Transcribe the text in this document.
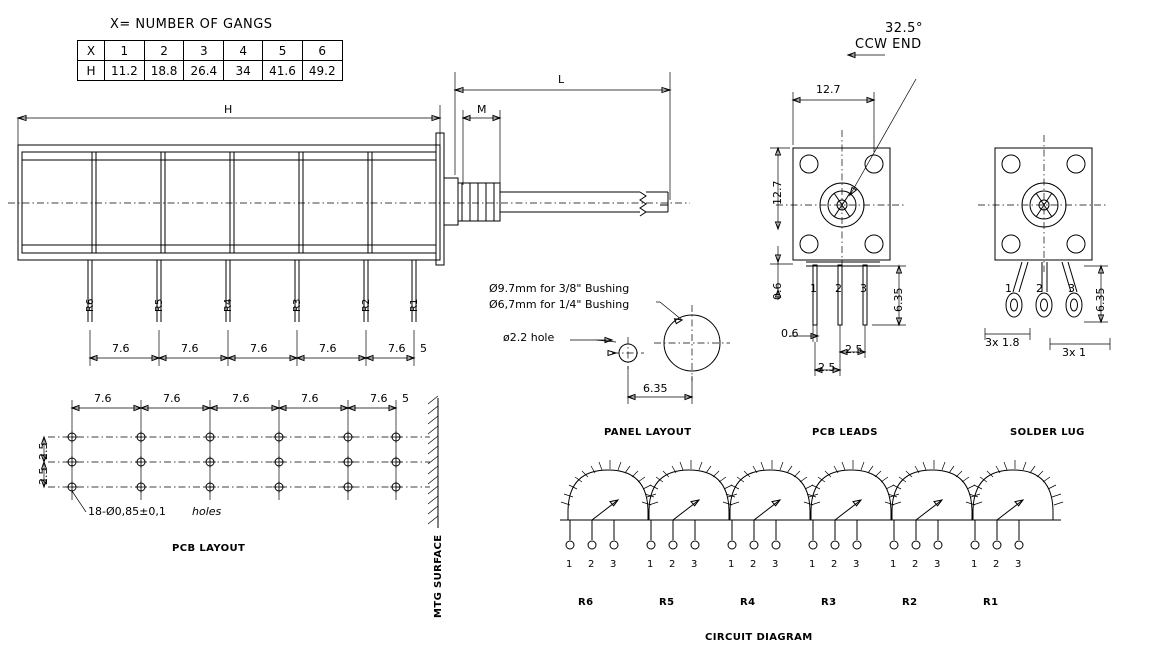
X= NUMBER OF GANGS
X	1	2	3	4	5	6
H	11.2	18.8	26.4	34	41.6	49.2
H
L
M
R6	R5	R4	R3	R2	R1
7.6	7.6	7.6	7.6	7.6 5
7.6	7.6	7.6	7.6	7.6 5
2.5
2.5
18-Ø0,85±0,1 holes
PCB LAYOUT	MTG SURFACE
Ø9.7mm for 3/8" Bushing
Ø6,7mm for 1/4" Bushing
ø2.2 hole
6.35
PANEL LAYOUT
32.5°
CCW END
12.7
12.7
0.6
0.6
2.5
2.5
6.35
1 2 3
PCB LEADS
6.35
3x 1.8
3x 1
1 2 3
SOLDER LUG
1 2 3	1 2 3	1 2 3	1 2 3	1 2 3	1 2 3
R6	R5	R4	R3	R2	R1
CIRCUIT DIAGRAM
